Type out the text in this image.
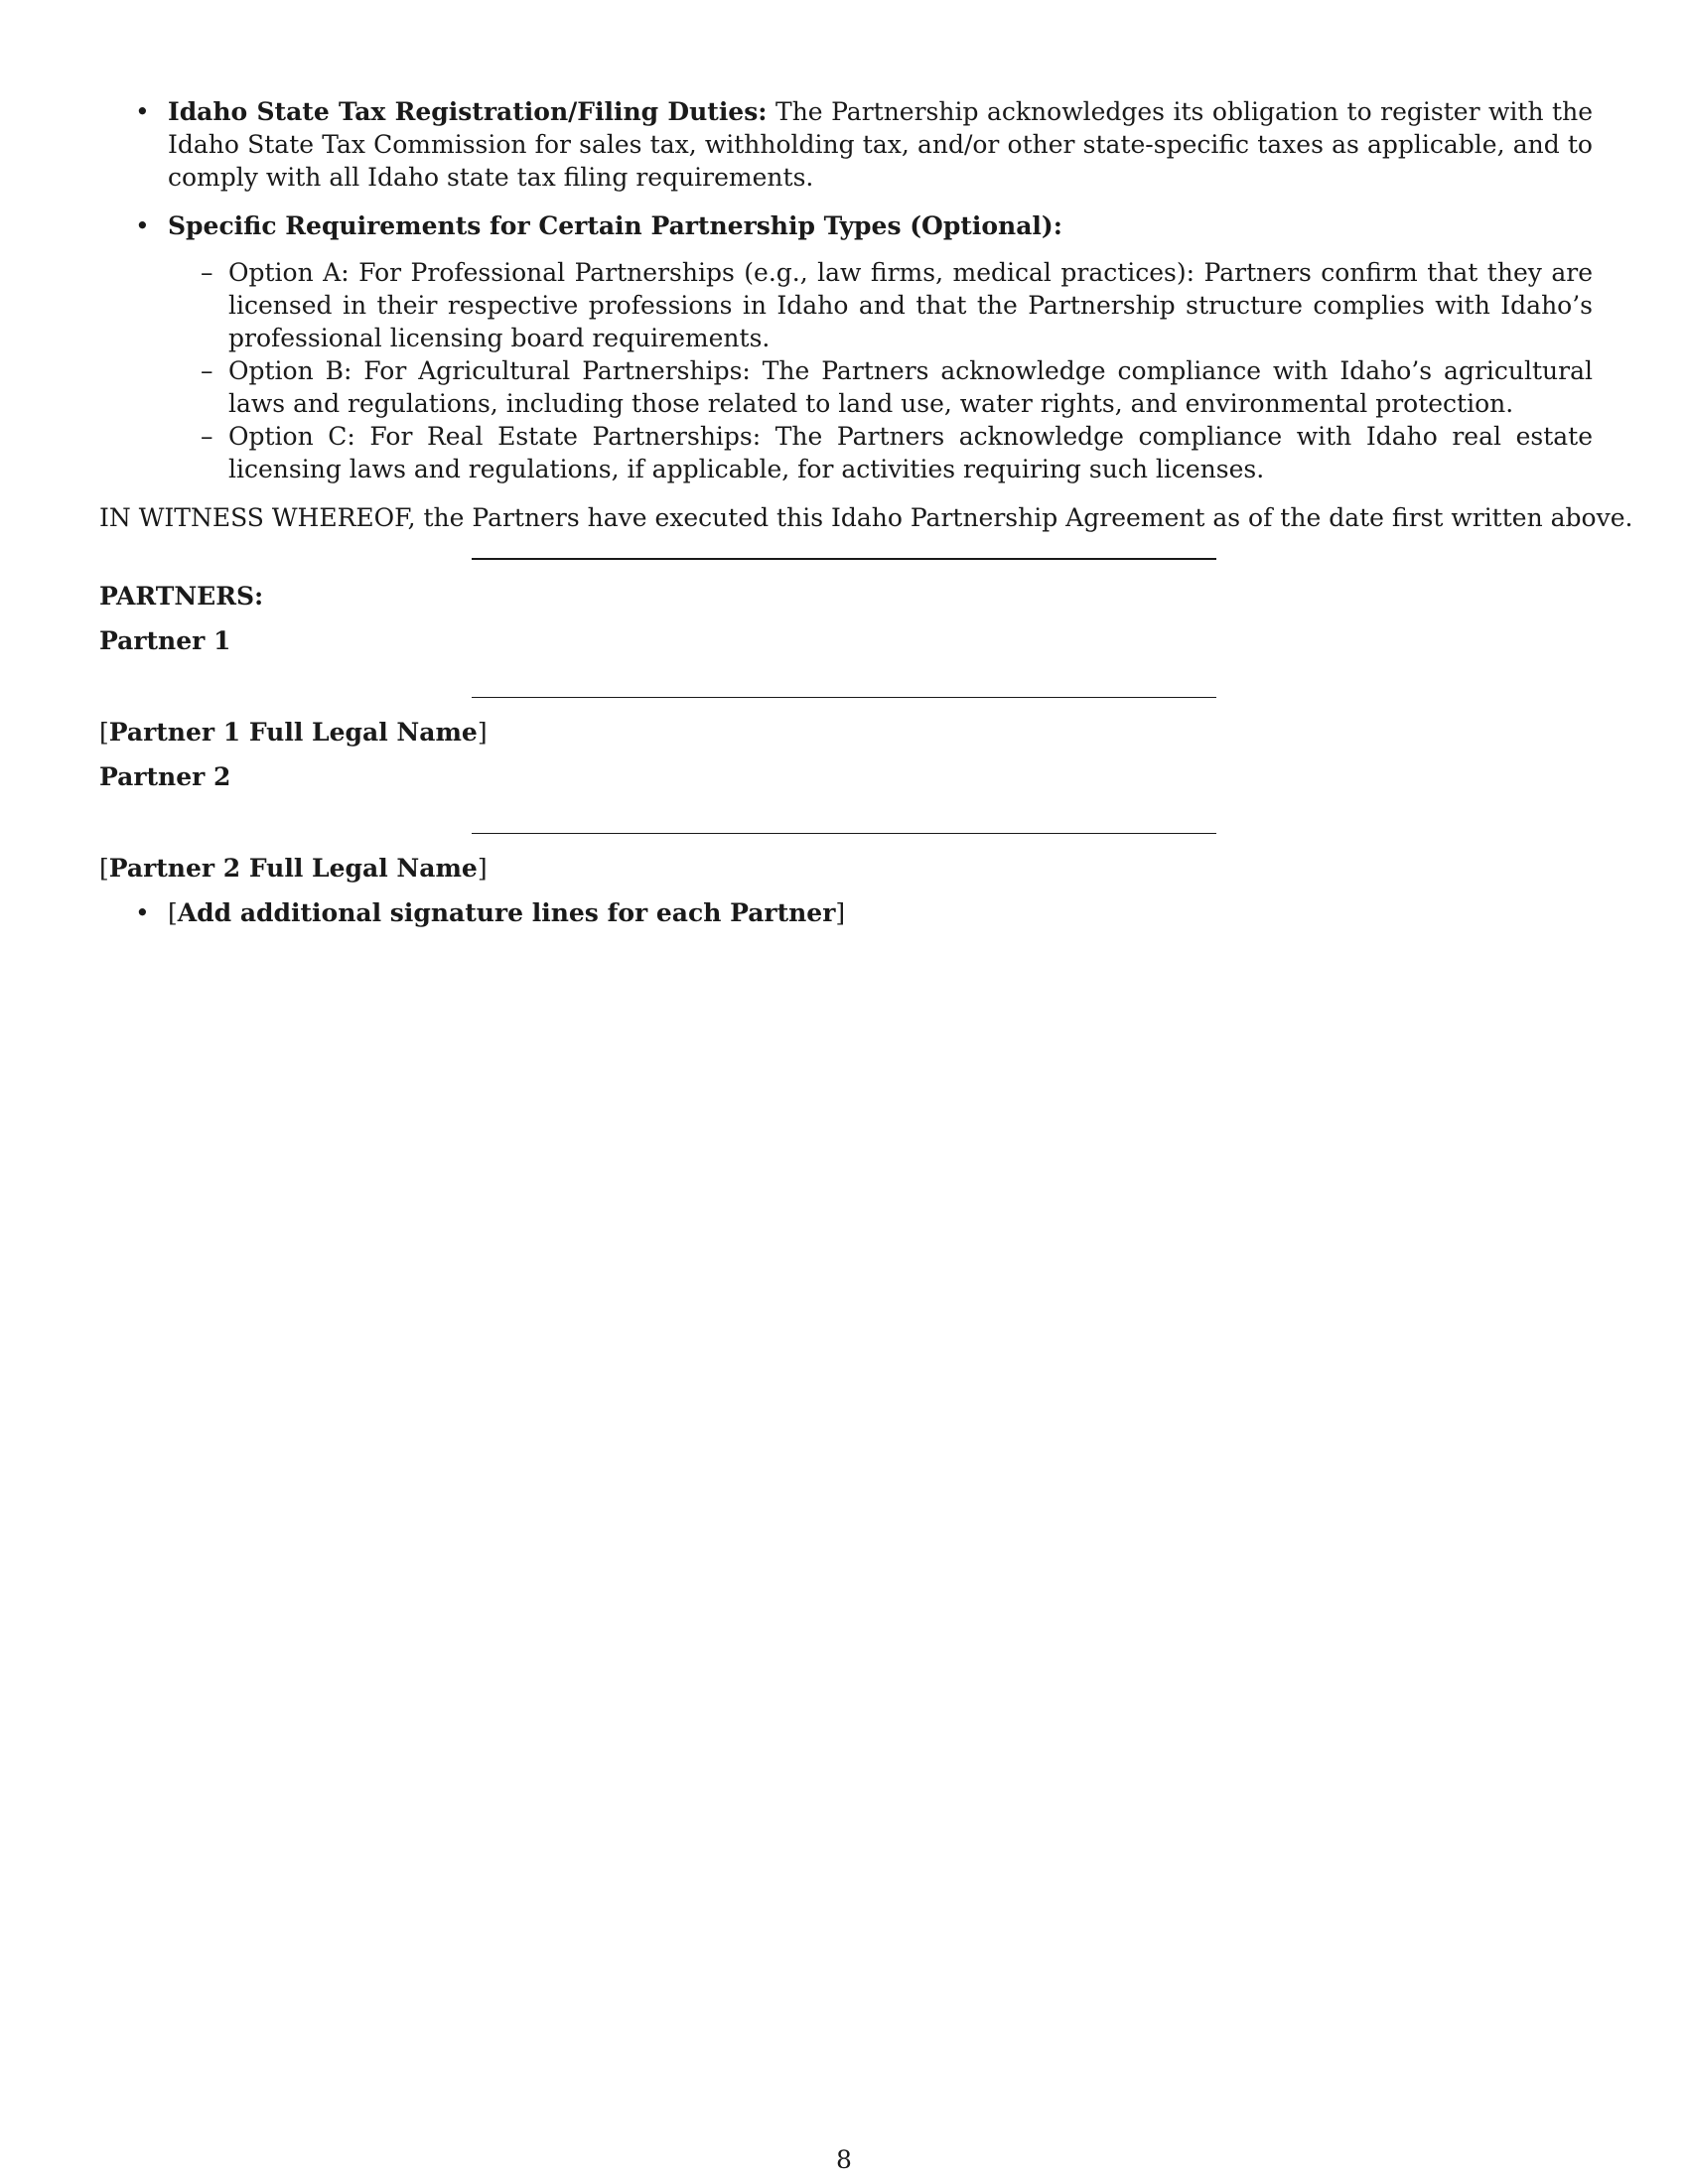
• Idaho State Tax Registration/Filing Duties: The Partnership acknowledges its obligation to register with the Idaho State Tax Commission for sales tax, withholding tax, and/or other state-specific taxes as applicable, and to comply with all Idaho state tax filing requirements.
• Specific Requirements for Certain Partnership Types (Optional):
– Option A: For Professional Partnerships (e.g., law firms, medical practices): Partners confirm that they are licensed in their respective professions in Idaho and that the Partnership structure complies with Idaho’s professional licensing board requirements.
– Option B: For Agricultural Partnerships: The Partners acknowledge compliance with Idaho’s agricultural laws and regulations, including those related to land use, water rights, and environmental protection.
– Option C: For Real Estate Partnerships: The Partners acknowledge compliance with Idaho real estate licensing laws and regulations, if applicable, for activities requiring such licenses.

IN WITNESS WHEREOF, the Partners have executed this Idaho Partnership Agreement as of the date first written above.

PARTNERS:

Partner 1

[Partner 1 Full Legal Name]

Partner 2

[Partner 2 Full Legal Name]

• [Add additional signature lines for each Partner]
8
